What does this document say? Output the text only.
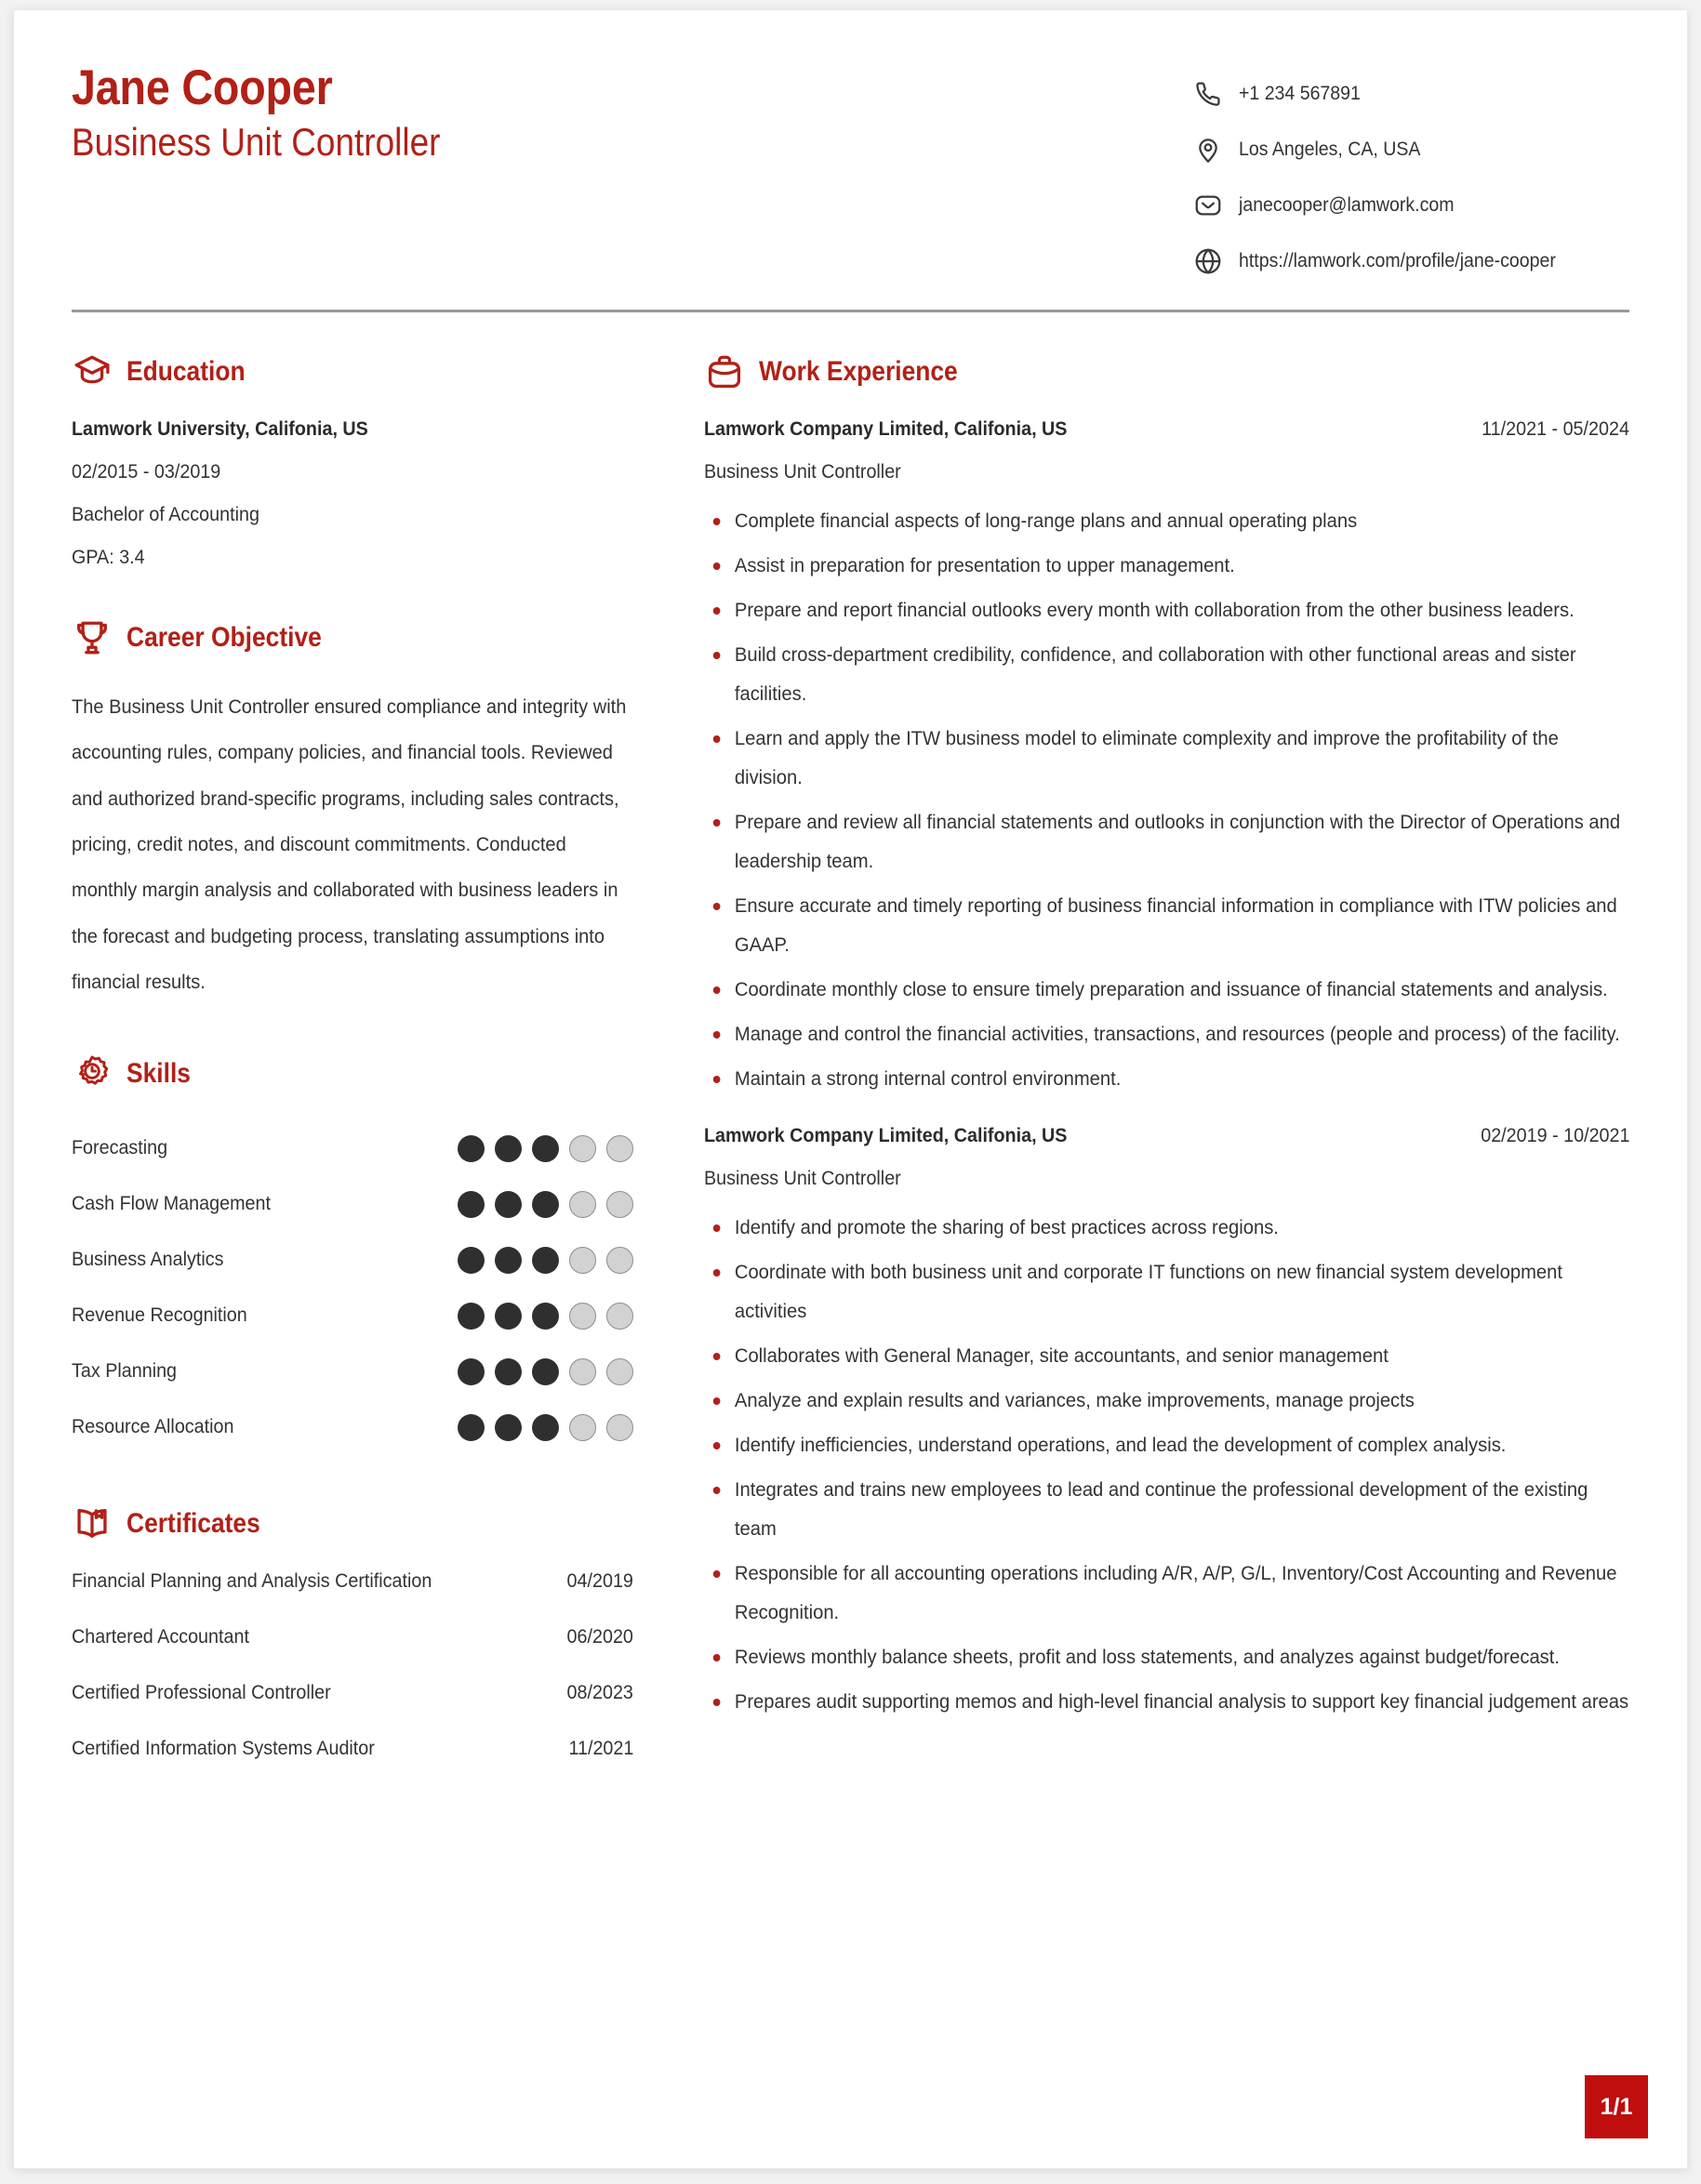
Jane Cooper
Business Unit Controller
+1 234 567891
Los Angeles, CA, USA
janecooper@lamwork.com
https://lamwork.com/profile/jane-cooper
Education
Lamwork University, Califonia, US
02/2015 - 03/2019
Bachelor of Accounting
GPA: 3.4
Career Objective
The Business Unit Controller ensured compliance and integrity with accounting rules, company policies, and financial tools. Reviewed and authorized brand-specific programs, including sales contracts, pricing, credit notes, and discount commitments. Conducted monthly margin analysis and collaborated with business leaders in the forecast and budgeting process, translating assumptions into financial results.
Skills
Forecasting
Cash Flow Management
Business Analytics
Revenue Recognition
Tax Planning
Resource Allocation
Certificates
Financial Planning and Analysis Certification	04/2019
Chartered Accountant	06/2020
Certified Professional Controller	08/2023
Certified Information Systems Auditor	11/2021
Work Experience
Lamwork Company Limited, Califonia, US	11/2021 - 05/2024
Business Unit Controller
Complete financial aspects of long-range plans and annual operating plans
Assist in preparation for presentation to upper management.
Prepare and report financial outlooks every month with collaboration from the other business leaders.
Build cross-department credibility, confidence, and collaboration with other functional areas and sister facilities.
Learn and apply the ITW business model to eliminate complexity and improve the profitability of the division.
Prepare and review all financial statements and outlooks in conjunction with the Director of Operations and leadership team.
Ensure accurate and timely reporting of business financial information in compliance with ITW policies and GAAP.
Coordinate monthly close to ensure timely preparation and issuance of financial statements and analysis.
Manage and control the financial activities, transactions, and resources (people and process) of the facility.
Maintain a strong internal control environment.
Lamwork Company Limited, Califonia, US	02/2019 - 10/2021
Business Unit Controller
Identify and promote the sharing of best practices across regions.
Coordinate with both business unit and corporate IT functions on new financial system development activities
Collaborates with General Manager, site accountants, and senior management
Analyze and explain results and variances, make improvements, manage projects
Identify inefficiencies, understand operations, and lead the development of complex analysis.
Integrates and trains new employees to lead and continue the professional development of the existing team
Responsible for all accounting operations including A/R, A/P, G/L, Inventory/Cost Accounting and Revenue Recognition.
Reviews monthly balance sheets, profit and loss statements, and analyzes against budget/forecast.
Prepares audit supporting memos and high-level financial analysis to support key financial judgement areas
1/1
